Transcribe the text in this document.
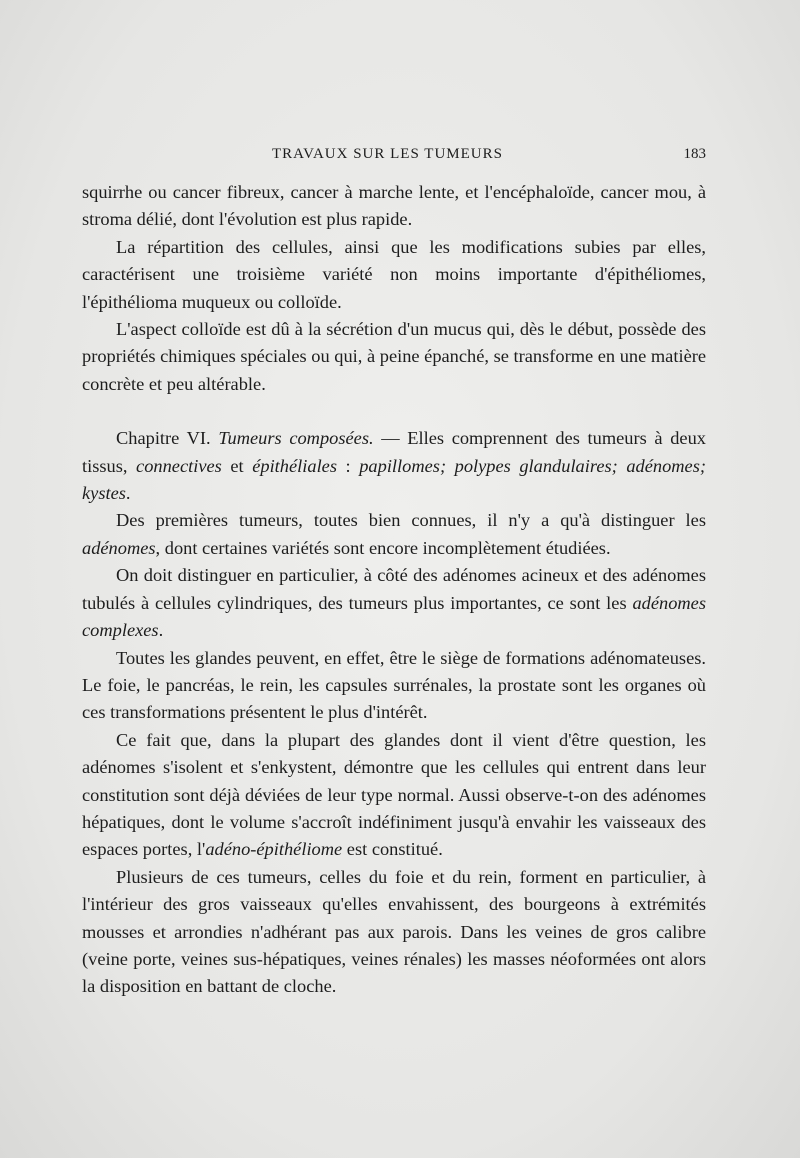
TRAVAUX SUR LES TUMEURS	183

squirrhe ou cancer fibreux, cancer à marche lente, et l'encéphaloïde, cancer mou, à stroma délié, dont l'évolution est plus rapide.

La répartition des cellules, ainsi que les modifications subies par elles, caractérisent une troisième variété non moins importante d'épithéliomes, l'épithélioma muqueux ou colloïde.

L'aspect colloïde est dû à la sécrétion d'un mucus qui, dès le début, possède des propriétés chimiques spéciales ou qui, à peine épanché, se transforme en une matière concrète et peu altérable.

Chapitre VI. Tumeurs composées. — Elles comprennent des tumeurs à deux tissus, connectives et épithéliales : papillomes; polypes glandulaires; adénomes; kystes.

Des premières tumeurs, toutes bien connues, il n'y a qu'à distinguer les adénomes, dont certaines variétés sont encore incomplètement étudiées.

On doit distinguer en particulier, à côté des adénomes acineux et des adénomes tubulés à cellules cylindriques, des tumeurs plus importantes, ce sont les adénomes complexes.

Toutes les glandes peuvent, en effet, être le siège de formations adénomateuses. Le foie, le pancréas, le rein, les capsules surrénales, la prostate sont les organes où ces transformations présentent le plus d'intérêt.

Ce fait que, dans la plupart des glandes dont il vient d'être question, les adénomes s'isolent et s'enkystent, démontre que les cellules qui entrent dans leur constitution sont déjà déviées de leur type normal. Aussi observe-t-on des adénomes hépatiques, dont le volume s'accroît indéfiniment jusqu'à envahir les vaisseaux des espaces portes, l'adéno-épithéliome est constitué.

Plusieurs de ces tumeurs, celles du foie et du rein, forment en particulier, à l'intérieur des gros vaisseaux qu'elles envahissent, des bourgeons à extrémités mousses et arrondies n'adhérant pas aux parois. Dans les veines de gros calibre (veine porte, veines sus-hépatiques, veines rénales) les masses néoformées ont alors la disposition en battant de cloche.
